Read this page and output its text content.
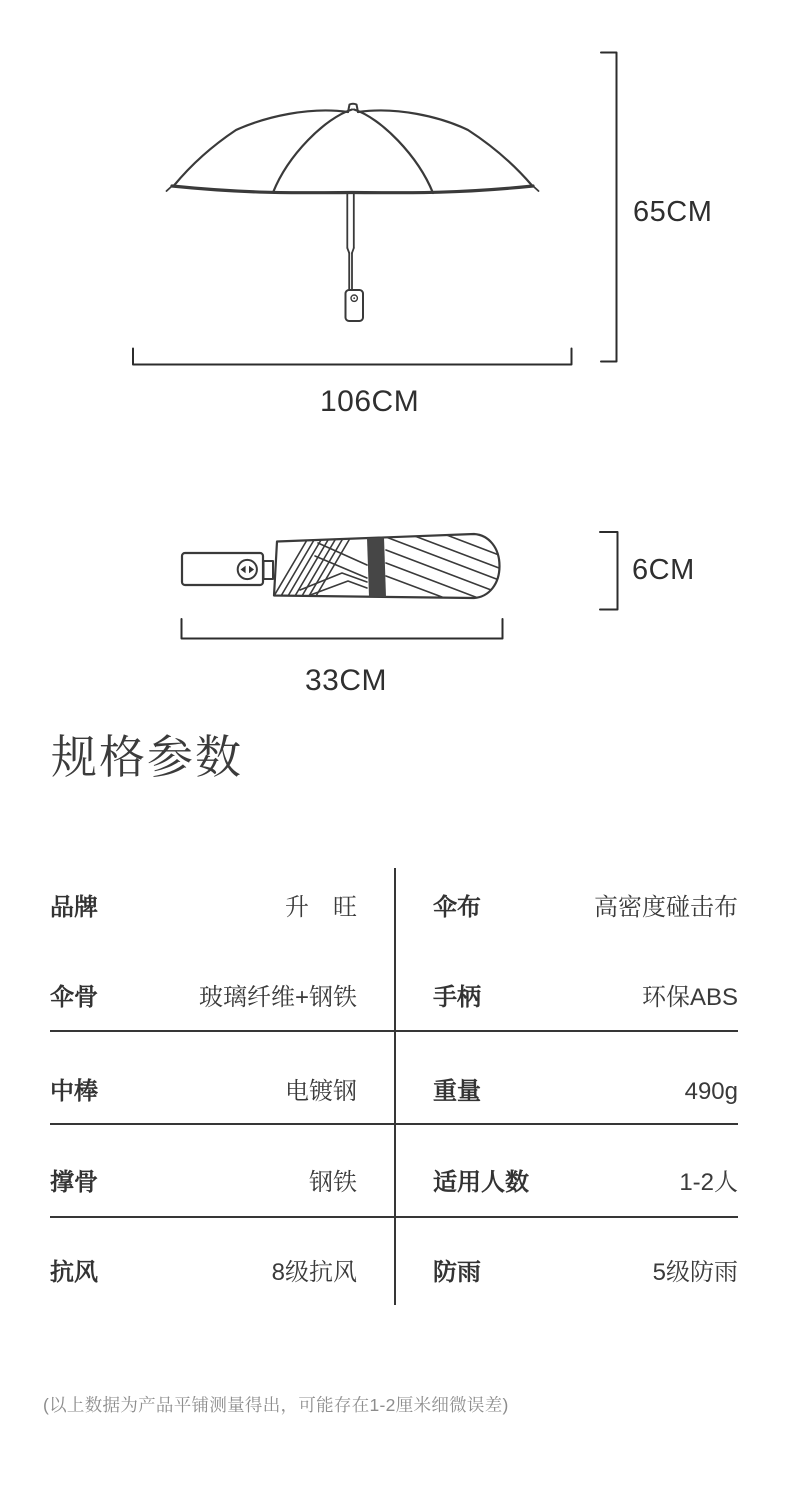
65CM
106CM
6CM
33CM
规格参数
品牌	升　旺	伞布	高密度碰击布
伞骨	玻璃纤维+钢铁	手柄	环保ABS
中棒	电镀钢	重量	490g
撑骨	钢铁	适用人数	1-2人
抗风	8级抗风	防雨	5级防雨
(以上数据为产品平铺测量得出，可能存在1-2厘米细微误差)
